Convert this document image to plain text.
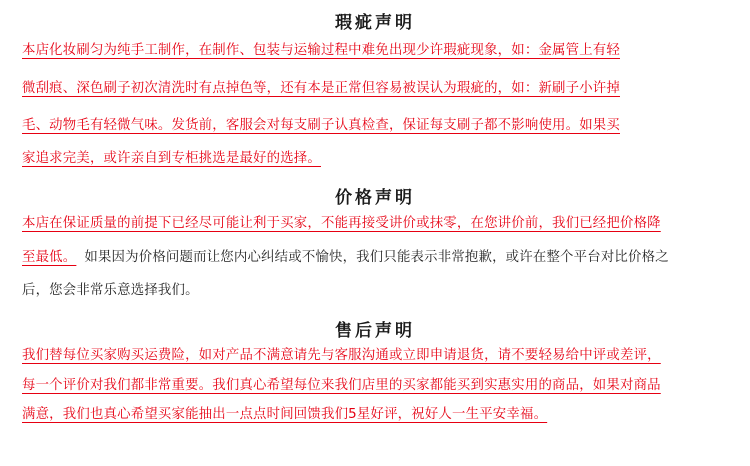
瑕疵声明
本店化妆刷匀为纯手工制作，在制作、包装与运输过程中难免出现少许瑕疵现象，如：金属管上有轻
微刮痕、深色刷子初次清洗时有点掉色等，还有本是正常但容易被误认为瑕疵的，如：新刷子小许掉
毛、动物毛有轻微气味。发货前，客服会对每支刷子认真检查，保证每支刷子都不影响使用。如果买
家追求完美，或许亲自到专柜挑选是最好的选择。
价格声明
本店在保证质量的前提下已经尽可能让利于买家，不能再接受讲价或抹零，在您讲价前，我们已经把价格降
至最低。 如果因为价格问题而让您内心纠结或不愉快，我们只能表示非常抱歉，或许在整个平台对比价格之
后，您会非常乐意选择我们。
售后声明
我们替每位买家购买运费险，如对产品不满意请先与客服沟通或立即申请退货，请不要轻易给中评或差评，
每一个评价对我们都非常重要。我们真心希望每位来我们店里的买家都能买到实惠实用的商品，如果对商品
满意，我们也真心希望买家能抽出一点点时间回馈我们5星好评，祝好人一生平安幸福。
